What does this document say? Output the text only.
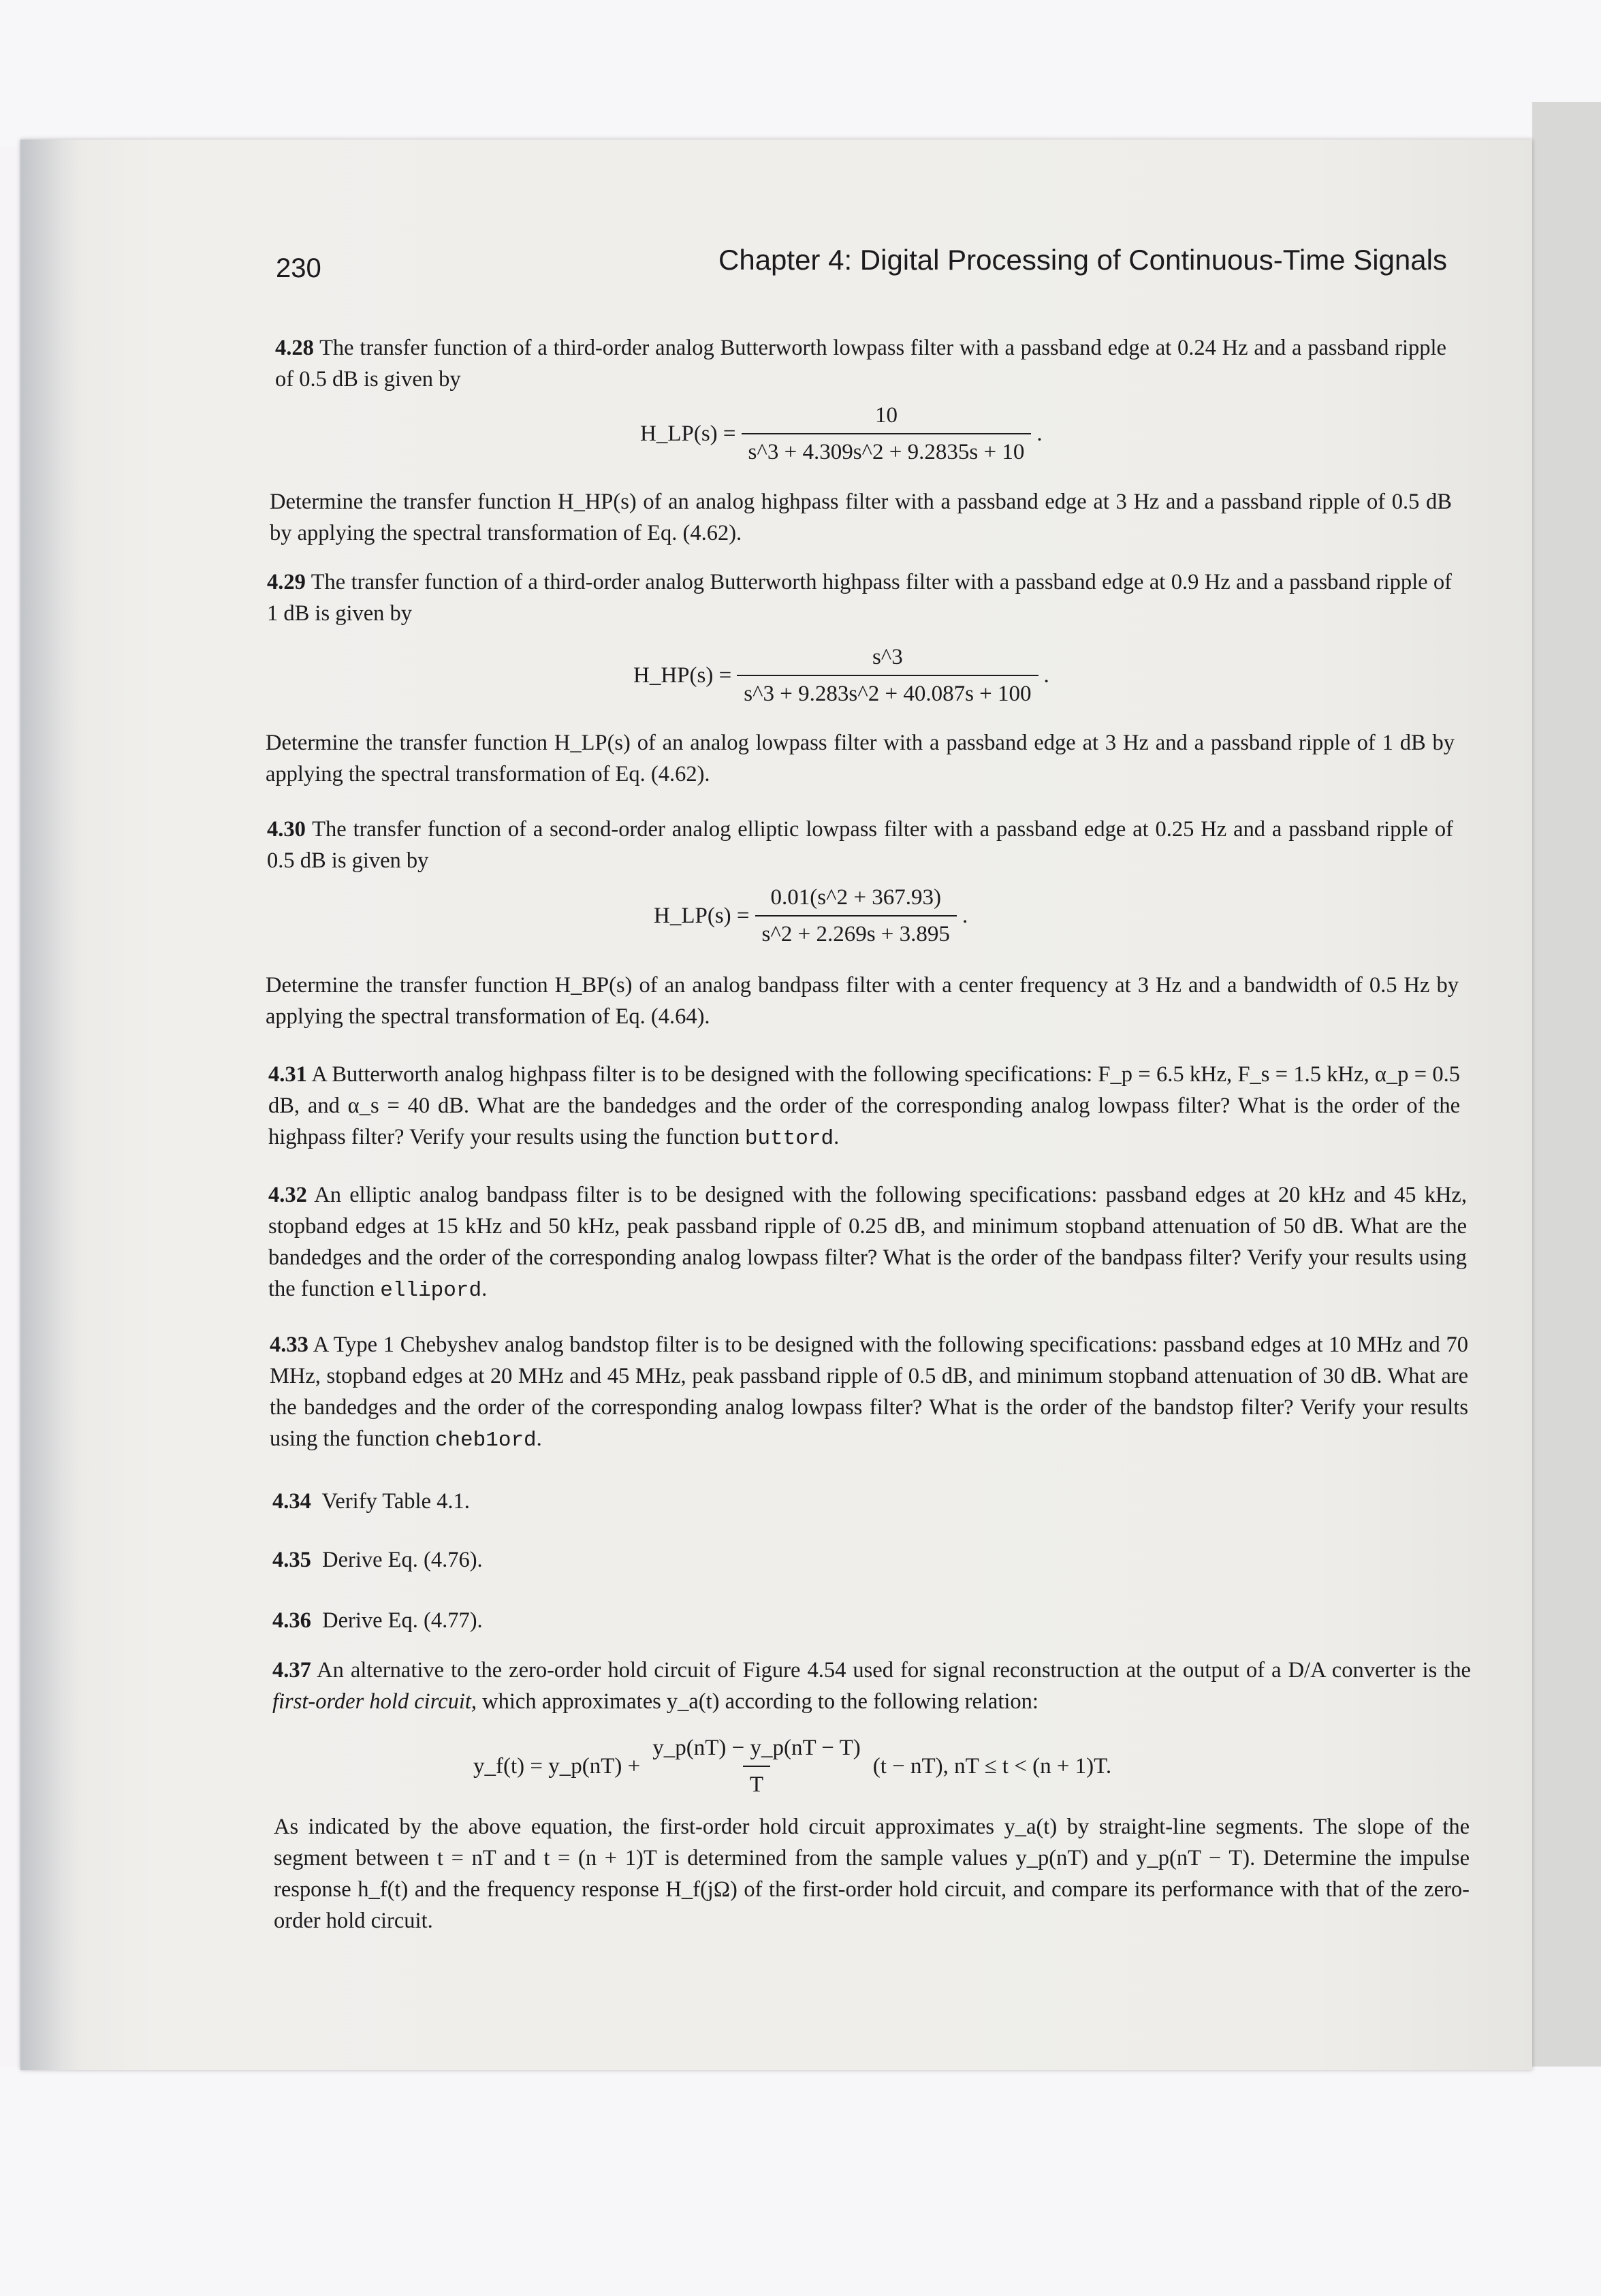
230	Chapter 4: Digital Processing of Continuous-Time Signals
4.28 The transfer function of a third-order analog Butterworth lowpass filter with a passband edge at 0.24 Hz and a passband ripple of 0.5 dB is given by
H_LP(s) = $\frac{10}{s\^{}3 + 4.309s\^{}2 + 9.2835s + 10}$ .
Determine the transfer function H_HP(s) of an analog highpass filter with a passband edge at 3 Hz and a passband ripple of 0.5 dB by applying the spectral transformation of Eq. (4.62).
4.29 The transfer function of a third-order analog Butterworth highpass filter with a passband edge at 0.9 Hz and a passband ripple of 1 dB is given by
H_HP(s) = $\frac{s\^{}3}{s\^{}3 + 9.283s\^{}2 + 40.087s + 100}$ .
Determine the transfer function H_LP(s) of an analog lowpass filter with a passband edge at 3 Hz and a passband ripple of 1 dB by applying the spectral transformation of Eq. (4.62).
4.30 The transfer function of a second-order analog elliptic lowpass filter with a passband edge at 0.25 Hz and a passband ripple of 0.5 dB is given by
H_LP(s) = $\frac{0.01(s\^{}2 + 367.93)}{s\^{}2 + 2.269s + 3.895}$ .
Determine the transfer function H_BP(s) of an analog bandpass filter with a center frequency at 3 Hz and a bandwidth of 0.5 Hz by applying the spectral transformation of Eq. (4.64).
4.31 A Butterworth analog highpass filter is to be designed with the following specifications: F_p = 6.5 kHz, F_s = 1.5 kHz, α_p = 0.5 dB, and α_s = 40 dB. What are the bandedges and the order of the corresponding analog lowpass filter? What is the order of the highpass filter? Verify your results using the function buttord.
4.32 An elliptic analog bandpass filter is to be designed with the following specifications: passband edges at 20 kHz and 45 kHz, stopband edges at 15 kHz and 50 kHz, peak passband ripple of 0.25 dB, and minimum stopband attenuation of 50 dB. What are the bandedges and the order of the corresponding analog lowpass filter? What is the order of the bandpass filter? Verify your results using the function ellipord.
4.33 A Type 1 Chebyshev analog bandstop filter is to be designed with the following specifications: passband edges at 10 MHz and 70 MHz, stopband edges at 20 MHz and 45 MHz, peak passband ripple of 0.5 dB, and minimum stopband attenuation of 30 dB. What are the bandedges and the order of the corresponding analog lowpass filter? What is the order of the bandstop filter? Verify your results using the function cheb1ord.
4.34 Verify Table 4.1.
4.35 Derive Eq. (4.76).
4.36 Derive Eq. (4.77).
4.37 An alternative to the zero-order hold circuit of Figure 4.54 used for signal reconstruction at the output of a D/A converter is the first-order hold circuit, which approximates y_a(t) according to the following relation:
y_f(t) = y_p(nT) + $\frac{y\_p(nT) - y\_p(nT - T)}{T} (t - nT)$, nT ≤ t < (n + 1)T.
As indicated by the above equation, the first-order hold circuit approximates y_a(t) by straight-line segments. The slope of the segment between t = nT and t = (n + 1)T is determined from the sample values y_p(nT) and y_p(nT − T). Determine the impulse response h_f(t) and the frequency response H_f(jΩ) of the first-order hold circuit, and compare its performance with that of the zero-order hold circuit.
